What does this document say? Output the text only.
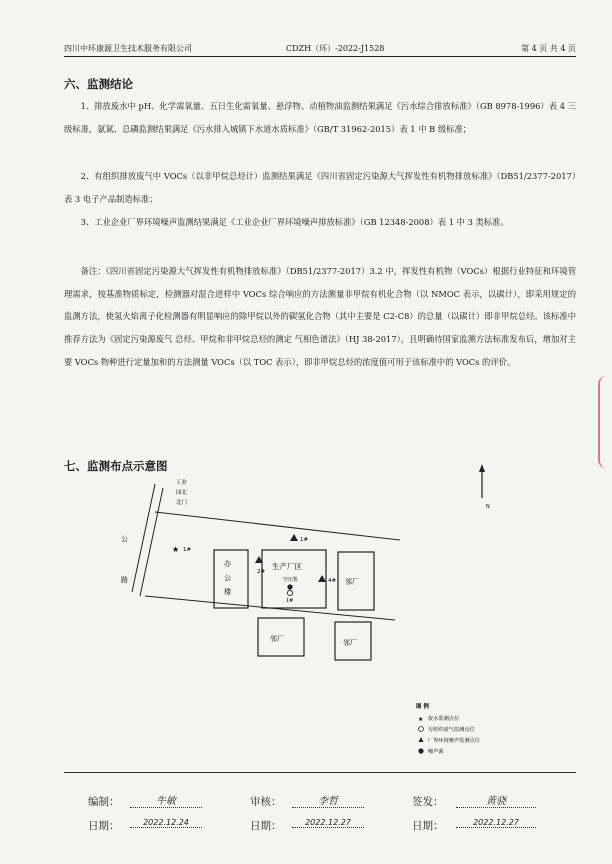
四川中环康源卫生技术服务有限公司	CDZH（环）-2022-J1528	第 4 页 共 4 页
六、监测结论
1、排放废水中 pH、化学需氧量、五日生化需氧量、悬浮物、动植物油监测结果满足《污水综合排放标准》（GB 8978-1996）表 4 三级标准，氨氮、总磷监测结果满足《污水排入城镇下水道水质标准》（GB/T 31962-2015）表 1 中 B 级标准；
2、有组织排放废气中 VOCs（以非甲烷总烃计）监测结果满足《四川省固定污染源大气挥发性有机物排放标准》（DB51/2377-2017）表 3 电子产品制造标准；
3、工业企业厂界环境噪声监测结果满足《工业企业厂界环境噪声排放标准》（GB 12348-2008）表 1 中 3 类标准。
备注：《四川省固定污染源大气挥发性有机物排放标准》（DB51/2377-2017）3.2 中，挥发性有机物（VOCs）根据行业特征和环境管理需求，按基准物质标定，检测器对混合进样中 VOCs 综合响应的方法测量非甲烷有机化合物（以 NMOC 表示，以碳计），即采用规定的监测方法，使氢火焰离子化检测器有明显响应的除甲烷以外的碳氢化合物（其中主要是 C2-C8）的总量（以碳计）即非甲烷总烃。该标准中推荐方法为《固定污染源废气 总烃、甲烷和非甲烷总烃的测定 气相色谱法》（HJ 38-2017），且明确待国家监测方法标准发布后，增加对主要 VOCs 物种进行定量加和的方法测量 VOCs（以 TOC 表示），即非甲烷总烃的浓度值可用于该标准中的 VOCs 的评价。
七、监测布点示意图
N
公
路
工业
园北
北门
★ 1#
办
公
楼
生产厂区
空压机
1#
1#
2#
4# 邻厂
邻厂	邻厂
图 例
★ 废水监测点位
有组织废气监测点位
厂界环境噪声监测点位
噪声源
编制：	牛敏	审核：	李哲	签发：	黄骁
日期：	2022.12.24	日期：	2022.12.27	日期：	2022.12.27
